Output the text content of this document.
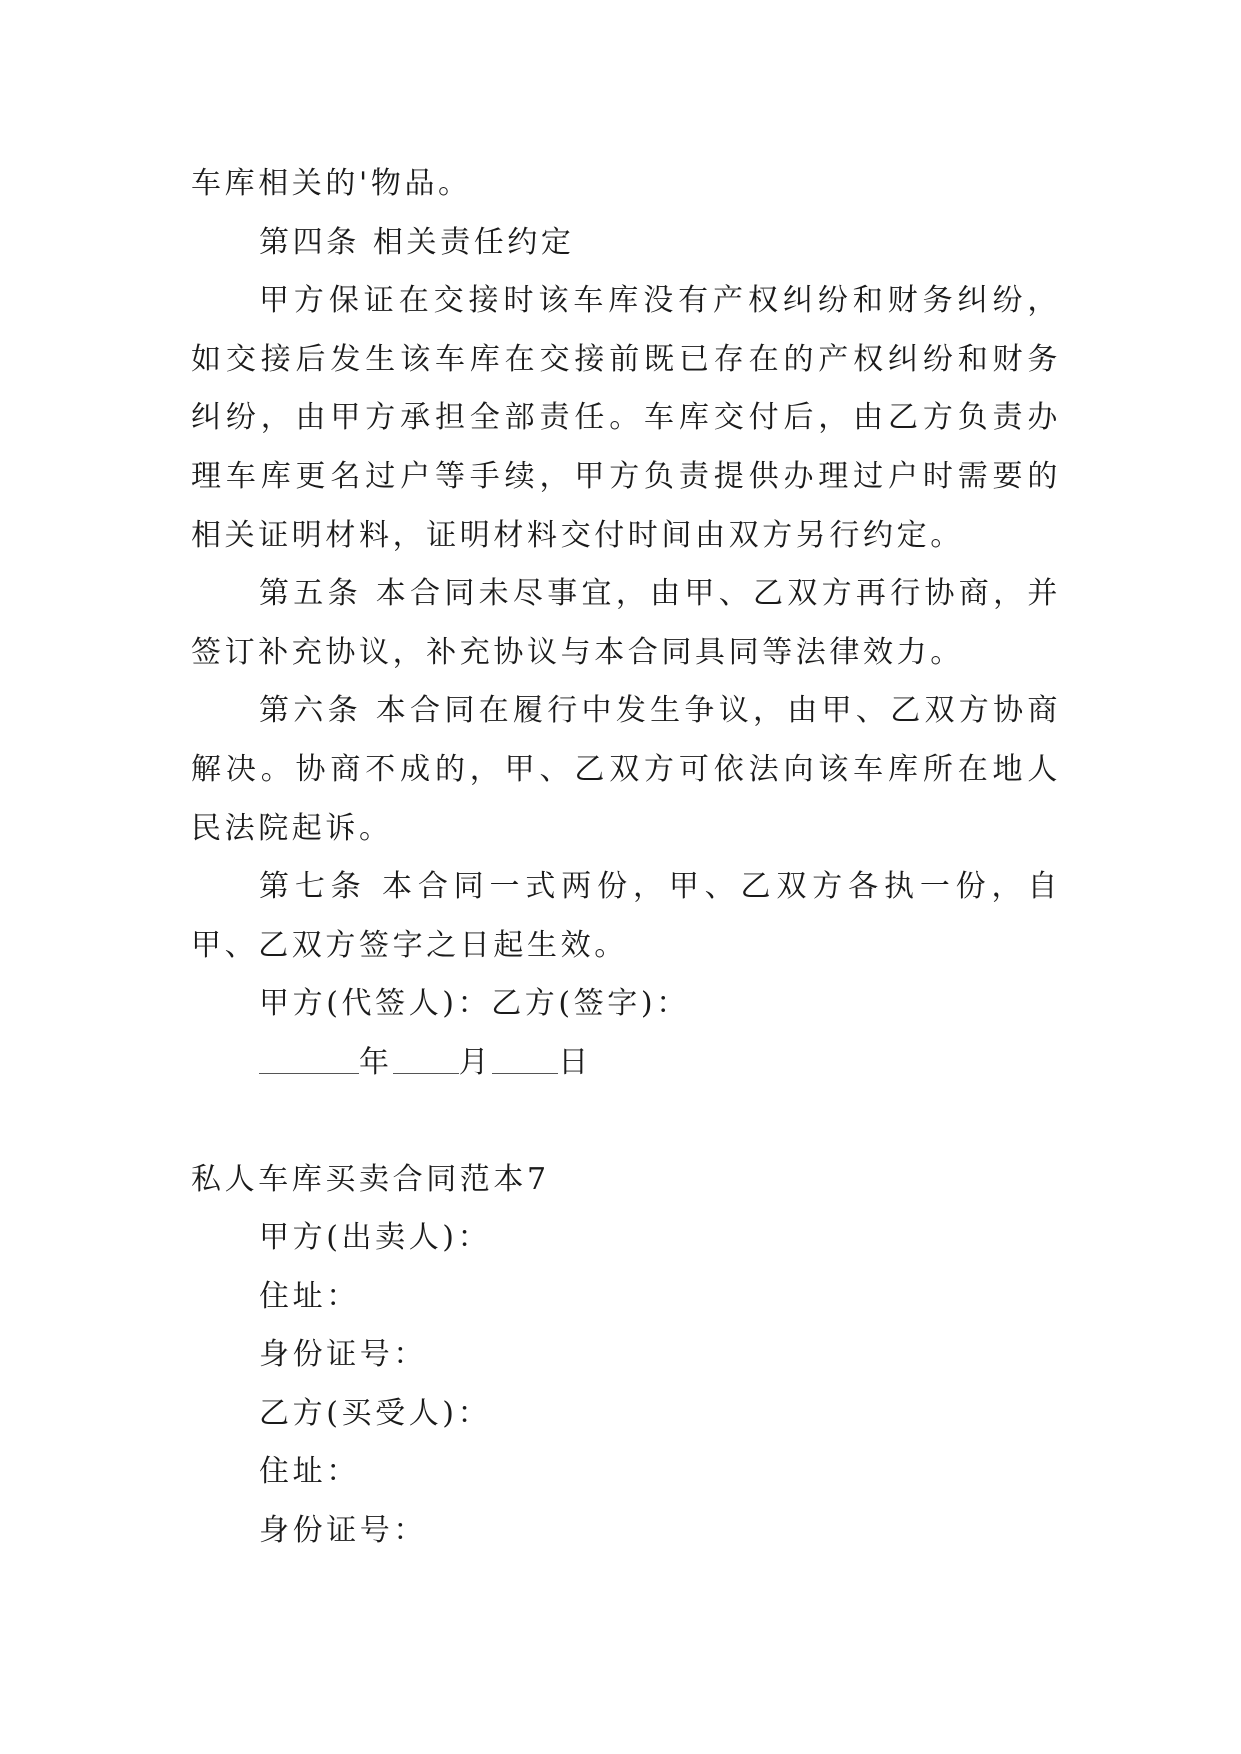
车库相关的'物品。

第四条 相关责任约定

甲方保证在交接时该车库没有产权纠纷和财务纠纷，如交接后发生该车库在交接前既已存在的产权纠纷和财务纠纷，由甲方承担全部责任。车库交付后，由乙方负责办理车库更名过户等手续，甲方负责提供办理过户时需要的相关证明材料，证明材料交付时间由双方另行约定。

第五条 本合同未尽事宜，由甲、乙双方再行协商，并签订补充协议，补充协议与本合同具同等法律效力。

第六条 本合同在履行中发生争议，由甲、乙双方协商解决。协商不成的，甲、乙双方可依法向该车库所在地人民法院起诉。

第七条 本合同一式两份，甲、乙双方各执一份，自甲、乙双方签字之日起生效。

甲方(代签人)：乙方(签字)：

年 月 日

私人车库买卖合同范本7

甲方(出卖人)：

住址：

身份证号：

乙方(买受人)：

住址：

身份证号：
